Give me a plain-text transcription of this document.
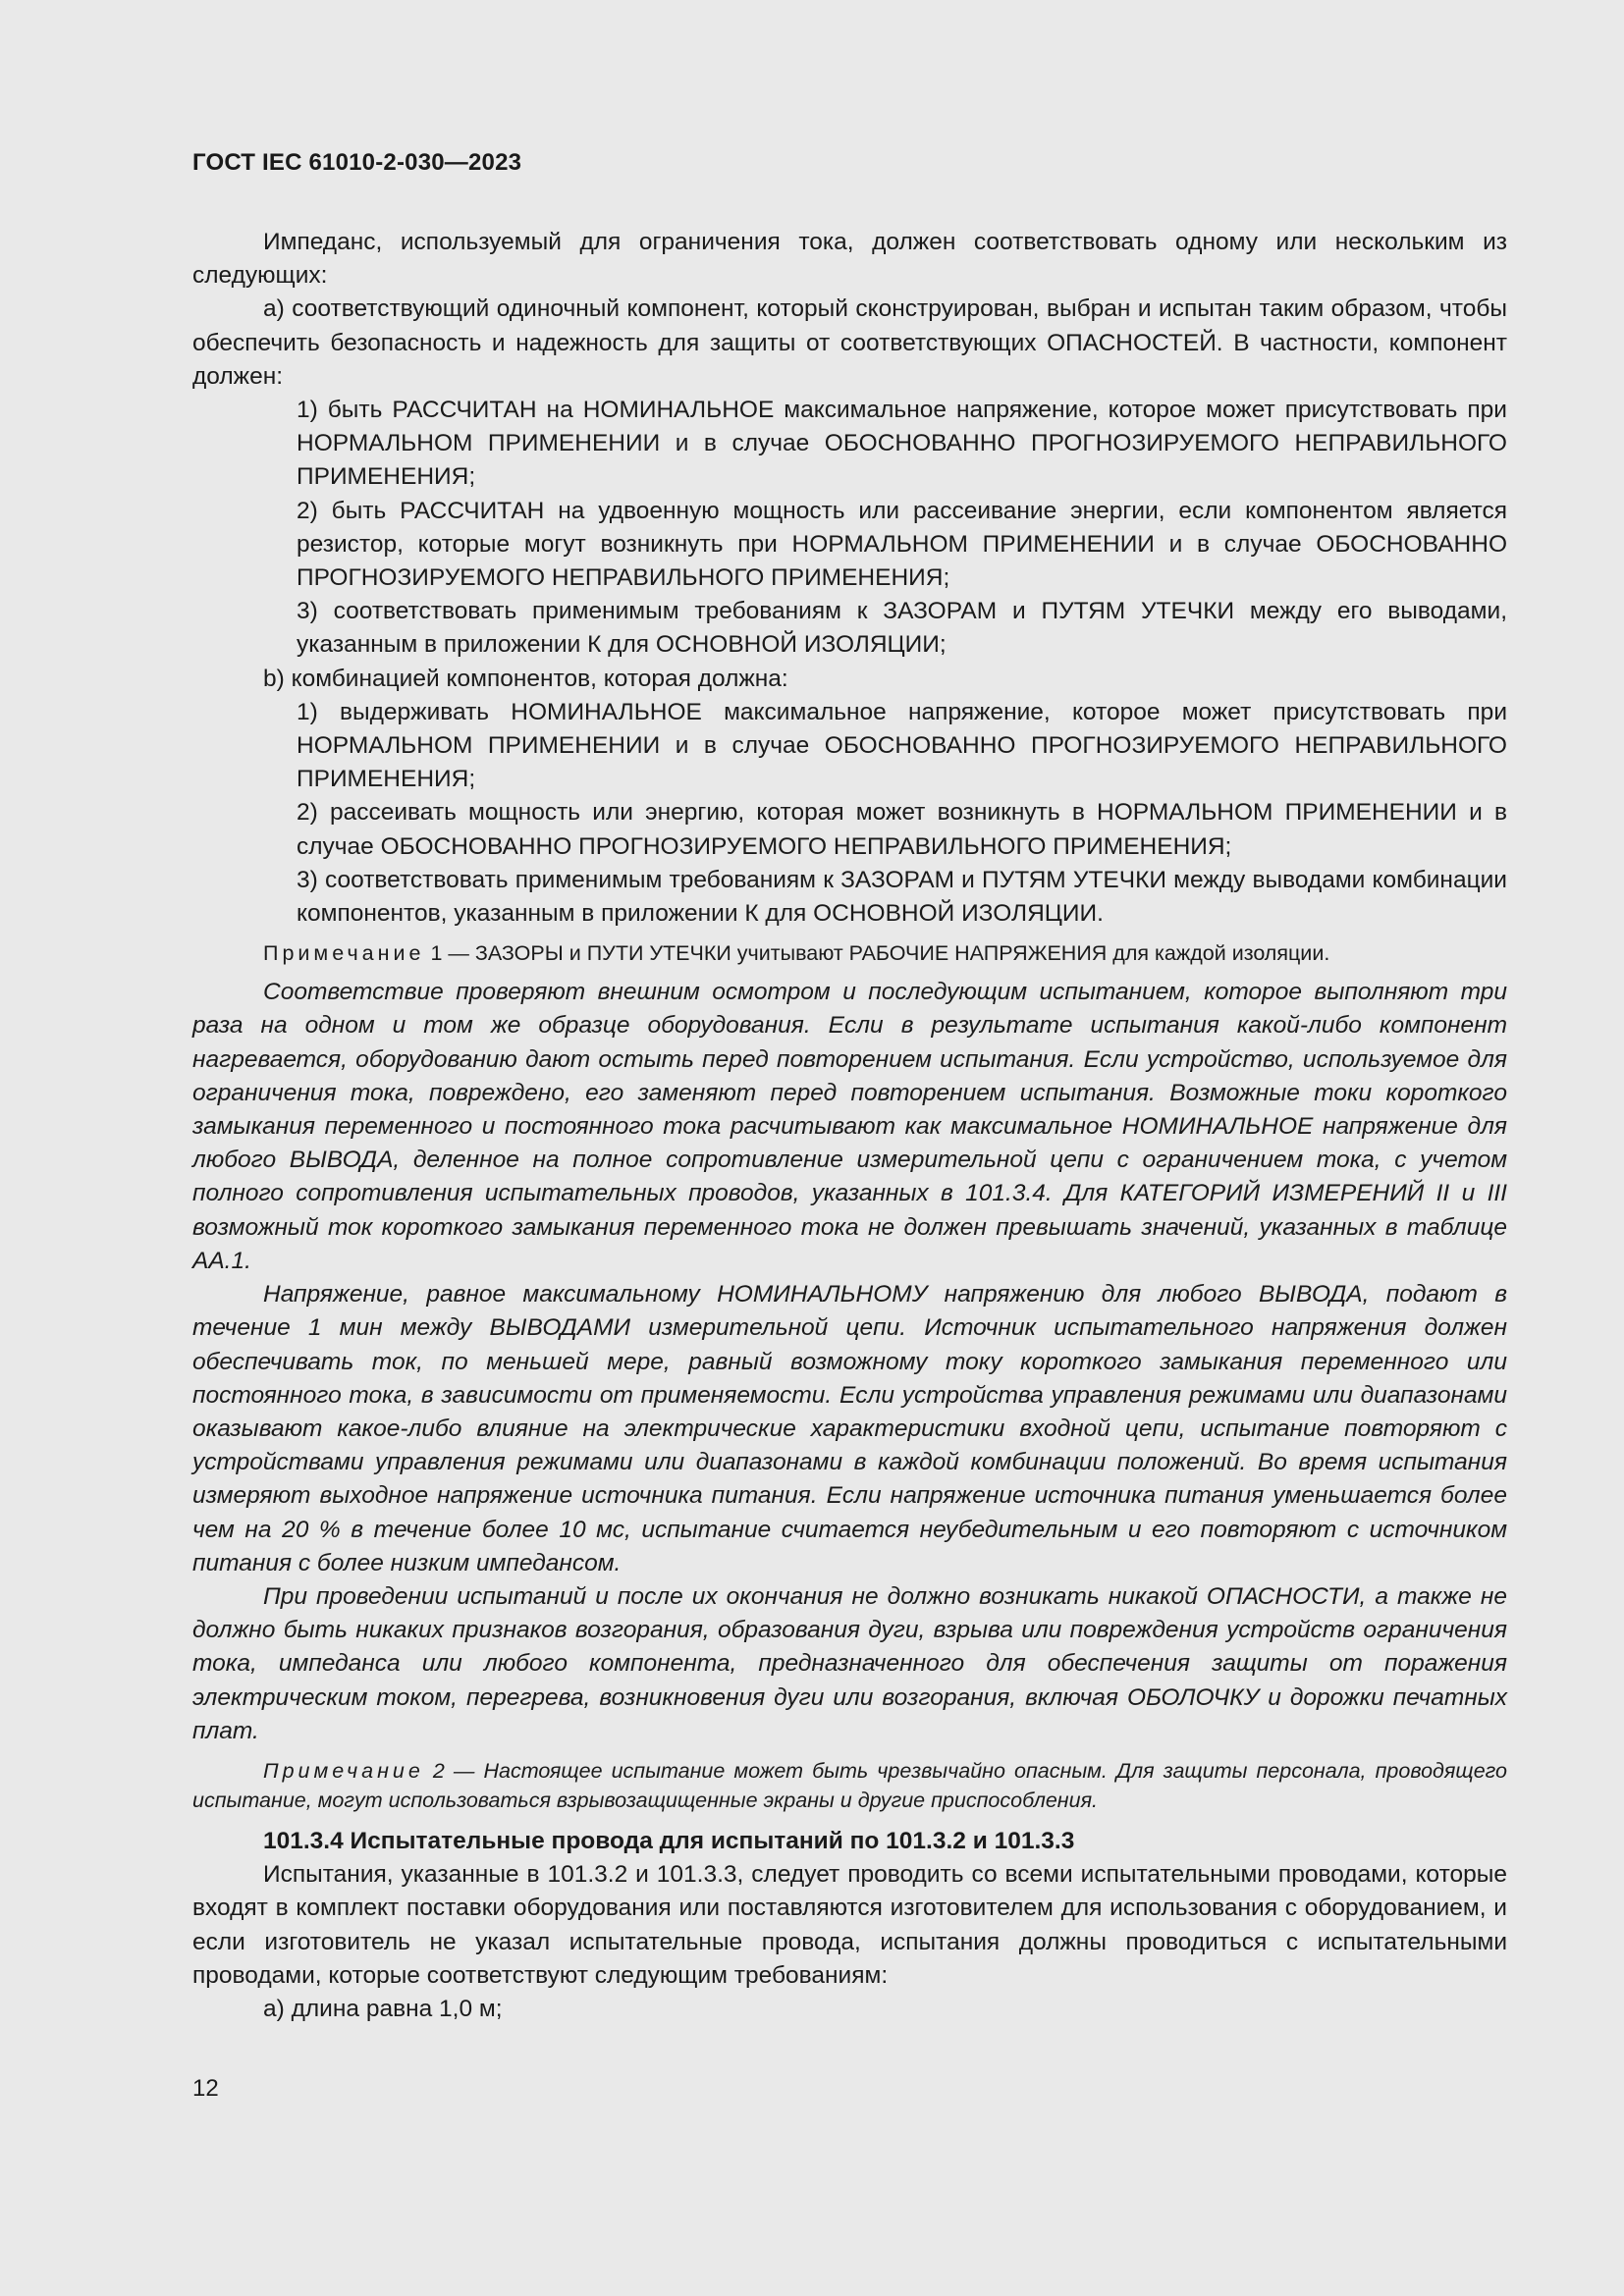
ГОСТ IEC 61010-2-030—2023

Импеданс, используемый для ограничения тока, должен соответствовать одному или нескольким из следующих:

a) соответствующий одиночный компонент, который сконструирован, выбран и испытан таким образом, чтобы обеспечить безопасность и надежность для защиты от соответствующих ОПАСНОСТЕЙ. В частности, компонент должен:

1) быть РАССЧИТАН на НОМИНАЛЬНОЕ максимальное напряжение, которое может присутствовать при НОРМАЛЬНОМ ПРИМЕНЕНИИ и в случае ОБОСНОВАННО ПРОГНОЗИРУЕМОГО НЕПРАВИЛЬНОГО ПРИМЕНЕНИЯ;

2) быть РАССЧИТАН на удвоенную мощность или рассеивание энергии, если компонентом является резистор, которые могут возникнуть при НОРМАЛЬНОМ ПРИМЕНЕНИИ и в случае ОБОСНОВАННО ПРОГНОЗИРУЕМОГО НЕПРАВИЛЬНОГО ПРИМЕНЕНИЯ;

3) соответствовать применимым требованиям к ЗАЗОРАМ и ПУТЯМ УТЕЧКИ между его выводами, указанным в приложении К для ОСНОВНОЙ ИЗОЛЯЦИИ;

b) комбинацией компонентов, которая должна:

1) выдерживать НОМИНАЛЬНОЕ максимальное напряжение, которое может присутствовать при НОРМАЛЬНОМ ПРИМЕНЕНИИ и в случае ОБОСНОВАННО ПРОГНОЗИРУЕМОГО НЕПРАВИЛЬНОГО ПРИМЕНЕНИЯ;

2) рассеивать мощность или энергию, которая может возникнуть в НОРМАЛЬНОМ ПРИМЕНЕНИИ и в случае ОБОСНОВАННО ПРОГНОЗИРУЕМОГО НЕПРАВИЛЬНОГО ПРИМЕНЕНИЯ;

3) соответствовать применимым требованиям к ЗАЗОРАМ и ПУТЯМ УТЕЧКИ между выводами комбинации компонентов, указанным в приложении К для ОСНОВНОЙ ИЗОЛЯЦИИ.

Примечание 1 — ЗАЗОРЫ и ПУТИ УТЕЧКИ учитывают РАБОЧИЕ НАПРЯЖЕНИЯ для каждой изоляции.

Соответствие проверяют внешним осмотром и последующим испытанием, которое выполняют три раза на одном и том же образце оборудования. Если в результате испытания какой-либо компонент нагревается, оборудованию дают остыть перед повторением испытания. Если устройство, используемое для ограничения тока, повреждено, его заменяют перед повторением испытания. Возможные токи короткого замыкания переменного и постоянного тока расчитывают как максимальное НОМИНАЛЬНОЕ напряжение для любого ВЫВОДА, деленное на полное сопротивление измерительной цепи с ограничением тока, с учетом полного сопротивления испытательных проводов, указанных в 101.3.4. Для КАТЕГОРИЙ ИЗМЕРЕНИЙ II и III возможный ток короткого замыкания переменного тока не должен превышать значений, указанных в таблице АА.1.

Напряжение, равное максимальному НОМИНАЛЬНОМУ напряжению для любого ВЫВОДА, подают в течение 1 мин между ВЫВОДАМИ измерительной цепи. Источник испытательного напряжения должен обеспечивать ток, по меньшей мере, равный возможному току короткого замыкания переменного или постоянного тока, в зависимости от применяемости. Если устройства управления режимами или диапазонами оказывают какое-либо влияние на электрические характеристики входной цепи, испытание повторяют с устройствами управления режимами или диапазонами в каждой комбинации положений. Во время испытания измеряют выходное напряжение источника питания. Если напряжение источника питания уменьшается более чем на 20 % в течение более 10 мс, испытание считается неубедительным и его повторяют с источником питания с более низким импедансом.

При проведении испытаний и после их окончания не должно возникать никакой ОПАСНОСТИ, а также не должно быть никаких признаков возгорания, образования дуги, взрыва или повреждения устройств ограничения тока, импеданса или любого компонента, предназначенного для обеспечения защиты от поражения электрическим током, перегрева, возникновения дуги или возгорания, включая ОБОЛОЧКУ и дорожки печатных плат.

Примечание 2 — Настоящее испытание может быть чрезвычайно опасным. Для защиты персонала, проводящего испытание, могут использоваться взрывозащищенные экраны и другие приспособления.

101.3.4 Испытательные провода для испытаний по 101.3.2 и 101.3.3

Испытания, указанные в 101.3.2 и 101.3.3, следует проводить со всеми испытательными проводами, которые входят в комплект поставки оборудования или поставляются изготовителем для использования с оборудованием, и если изготовитель не указал испытательные провода, испытания должны проводиться с испытательными проводами, которые соответствуют следующим требованиям:

a) длина равна 1,0 м;

12
